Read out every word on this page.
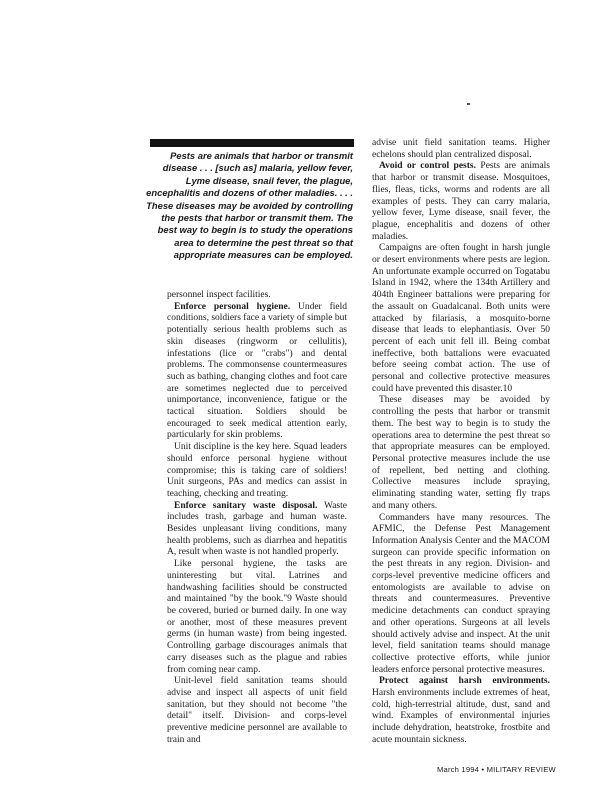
Pests are animals that harbor or transmit disease . . . [such as] malaria, yellow fever, Lyme disease, snail fever, the plague, encephalitis and dozens of other maladies. . . . These diseases may be avoided by controlling the pests that harbor or transmit them. The best way to begin is to study the operations area to determine the pest threat so that appropriate measures can be employed.

personnel inspect facilities.

Enforce personal hygiene. Under field conditions, soldiers face a variety of simple but potentially serious health problems such as skin diseases (ringworm or cellulitis), infestations (lice or "crabs") and dental problems. The commonsense countermeasures such as bathing, changing clothes and foot care are sometimes neglected due to perceived unimportance, inconvenience, fatigue or the tactical situation. Soldiers should be encouraged to seek medical attention early, particularly for skin problems.

Unit discipline is the key here. Squad leaders should enforce personal hygiene without compromise; this is taking care of soldiers! Unit surgeons, PAs and medics can assist in teaching, checking and treating.

Enforce sanitary waste disposal. Waste includes trash, garbage and human waste. Besides unpleasant living conditions, many health problems, such as diarrhea and hepatitis A, result when waste is not handled properly.

Like personal hygiene, the tasks are uninteresting but vital. Latrines and handwashing facilities should be constructed and maintained "by the book."9 Waste should be covered, buried or burned daily. In one way or another, most of these measures prevent germs (in human waste) from being ingested. Controlling garbage discourages animals that carry diseases such as the plague and rabies from coming near camp.

Unit-level field sanitation teams should advise and inspect all aspects of unit field sanitation, but they should not become "the detail" itself. Division- and corps-level preventive medicine personnel are available to train and

advise unit field sanitation teams. Higher echelons should plan centralized disposal.

Avoid or control pests. Pests are animals that harbor or transmit disease. Mosquitoes, flies, fleas, ticks, worms and rodents are all examples of pests. They can carry malaria, yellow fever, Lyme disease, snail fever, the plague, encephalitis and dozens of other maladies.

Campaigns are often fought in harsh jungle or desert environments where pests are legion. An unfortunate example occurred on Togatabu Island in 1942, where the 134th Artillery and 404th Engineer battalions were preparing for the assault on Guadalcanal. Both units were attacked by filariasis, a mosquito-borne disease that leads to elephantiasis. Over 50 percent of each unit fell ill. Being combat ineffective, both battalions were evacuated before seeing combat action. The use of personal and collective protective measures could have prevented this disaster.10

These diseases may be avoided by controlling the pests that harbor or transmit them. The best way to begin is to study the operations area to determine the pest threat so that appropriate measures can be employed. Personal protective measures include the use of repellent, bed netting and clothing. Collective measures include spraying, eliminating standing water, setting fly traps and many others.

Commanders have many resources. The AFMIC, the Defense Pest Management Information Analysis Center and the MACOM surgeon can provide specific information on the pest threats in any region. Division- and corps-level preventive medicine officers and entomologists are available to advise on threats and countermeasures. Preventive medicine detachments can conduct spraying and other operations. Surgeons at all levels should actively advise and inspect. At the unit level, field sanitation teams should manage collective protective efforts, while junior leaders enforce personal protective measures.

Protect against harsh environments. Harsh environments include extremes of heat, cold, high-terrestrial altitude, dust, sand and wind. Examples of environmental injuries include dehydration, heatstroke, frostbite and acute mountain sickness.

March 1994 • MILITARY REVIEW
